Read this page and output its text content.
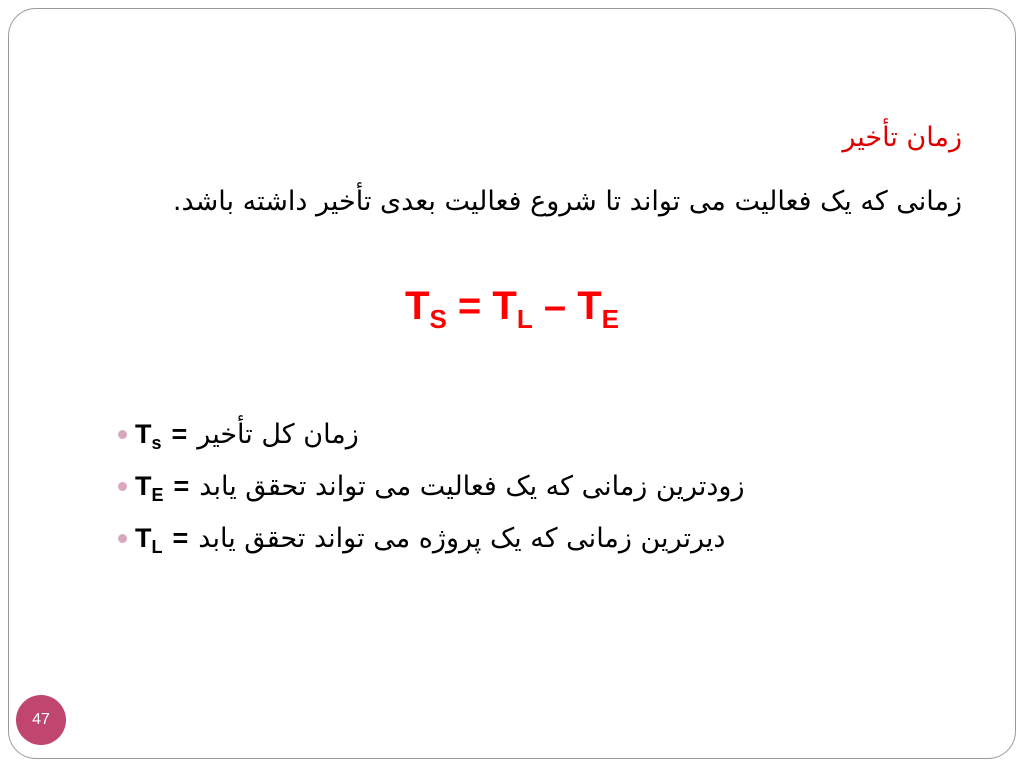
زمان تأخیر
زمانی که یک فعالیت می تواند تا شروع فعالیت بعدی تأخیر داشته باشد.
$T_S = T_L - T_E$
$T_s$ = زمان کل تأخیر
$T_E$ = زودترین زمانی که یک فعالیت می تواند تحقق یابد
$T_L$ = دیرترین زمانی که یک پروژه می تواند تحقق یابد
47
